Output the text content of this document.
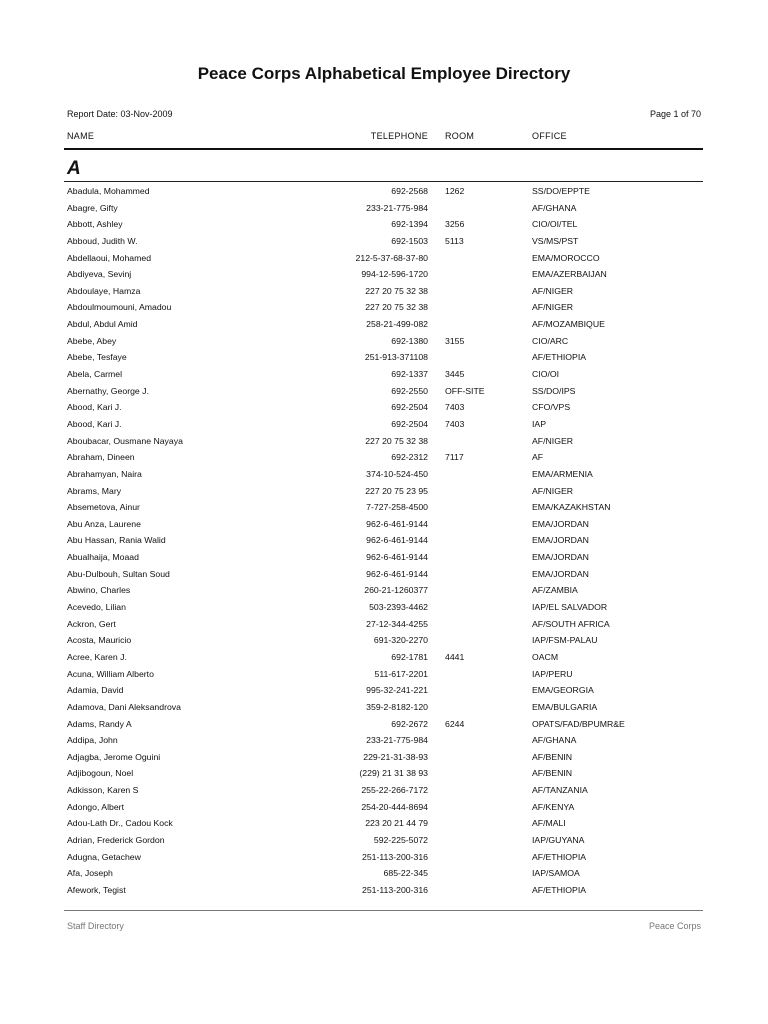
Peace Corps Alphabetical Employee Directory
Report Date: 03-Nov-2009	Page 1 of 70
NAME	TELEPHONE ROOM	OFFICE
A
Abadula, Mohammed	692-2568 1262	SS/DO/EPPTE
Abagre, Gifty	233-21-775-984	AF/GHANA
Abbott, Ashley	692-1394 3256	CIO/OI/TEL
Abboud, Judith W.	692-1503 5113	VS/MS/PST
Abdellaoui, Mohamed	212-5-37-68-37-80	EMA/MOROCCO
Abdiyeva, Sevinj	994-12-596-1720	EMA/AZERBAIJAN
Abdoulaye, Hamza	227 20 75 32 38	AF/NIGER
Abdoulmoumouni, Amadou	227 20 75 32 38	AF/NIGER
Abdul, Abdul Amid	258-21-499-082	AF/MOZAMBIQUE
Abebe, Abey	692-1380 3155	CIO/ARC
Abebe, Tesfaye	251-913-371108	AF/ETHIOPIA
Abela, Carmel	692-1337 3445	CIO/OI
Abernathy, George J.	692-2550 OFF-SITE	SS/DO/IPS
Abood, Kari J.	692-2504 7403	CFO/VPS
Abood, Kari J.	692-2504 7403	IAP
Aboubacar, Ousmane Nayaya	227 20 75 32 38	AF/NIGER
Abraham, Dineen	692-2312 7117	AF
Abrahamyan, Naira	374-10-524-450	EMA/ARMENIA
Abrams, Mary	227 20 75 23 95	AF/NIGER
Absemetova, Ainur	7-727-258-4500	EMA/KAZAKHSTAN
Abu Anza, Laurene	962-6-461-9144	EMA/JORDAN
Abu Hassan, Rania Walid	962-6-461-9144	EMA/JORDAN
Abualhaija, Moaad	962-6-461-9144	EMA/JORDAN
Abu-Dulbouh, Sultan Soud	962-6-461-9144	EMA/JORDAN
Abwino, Charles	260-21-1260377	AF/ZAMBIA
Acevedo, Lilian	503-2393-4462	IAP/EL SALVADOR
Ackron, Gert	27-12-344-4255	AF/SOUTH AFRICA
Acosta, Mauricio	691-320-2270	IAP/FSM-PALAU
Acree, Karen J.	692-1781 4441	OACM
Acuna, William Alberto	511-617-2201	IAP/PERU
Adamia, David	995-32-241-221	EMA/GEORGIA
Adamova, Dani Aleksandrova	359-2-8182-120	EMA/BULGARIA
Adams, Randy A	692-2672 6244	OPATS/FAD/BPUMR&E
Addipa, John	233-21-775-984	AF/GHANA
Adjagba, Jerome Oguini	229-21-31-38-93	AF/BENIN
Adjibogoun, Noel	(229) 21 31 38 93	AF/BENIN
Adkisson, Karen S	255-22-266-7172	AF/TANZANIA
Adongo, Albert	254-20-444-8694	AF/KENYA
Adou-Lath Dr., Cadou Kock	223 20 21 44 79	AF/MALI
Adrian, Frederick Gordon	592-225-5072	IAP/GUYANA
Adugna, Getachew	251-113-200-316	AF/ETHIOPIA
Afa, Joseph	685-22-345	IAP/SAMOA
Afework, Tegist	251-113-200-316	AF/ETHIOPIA
Staff Directory	Peace Corps
